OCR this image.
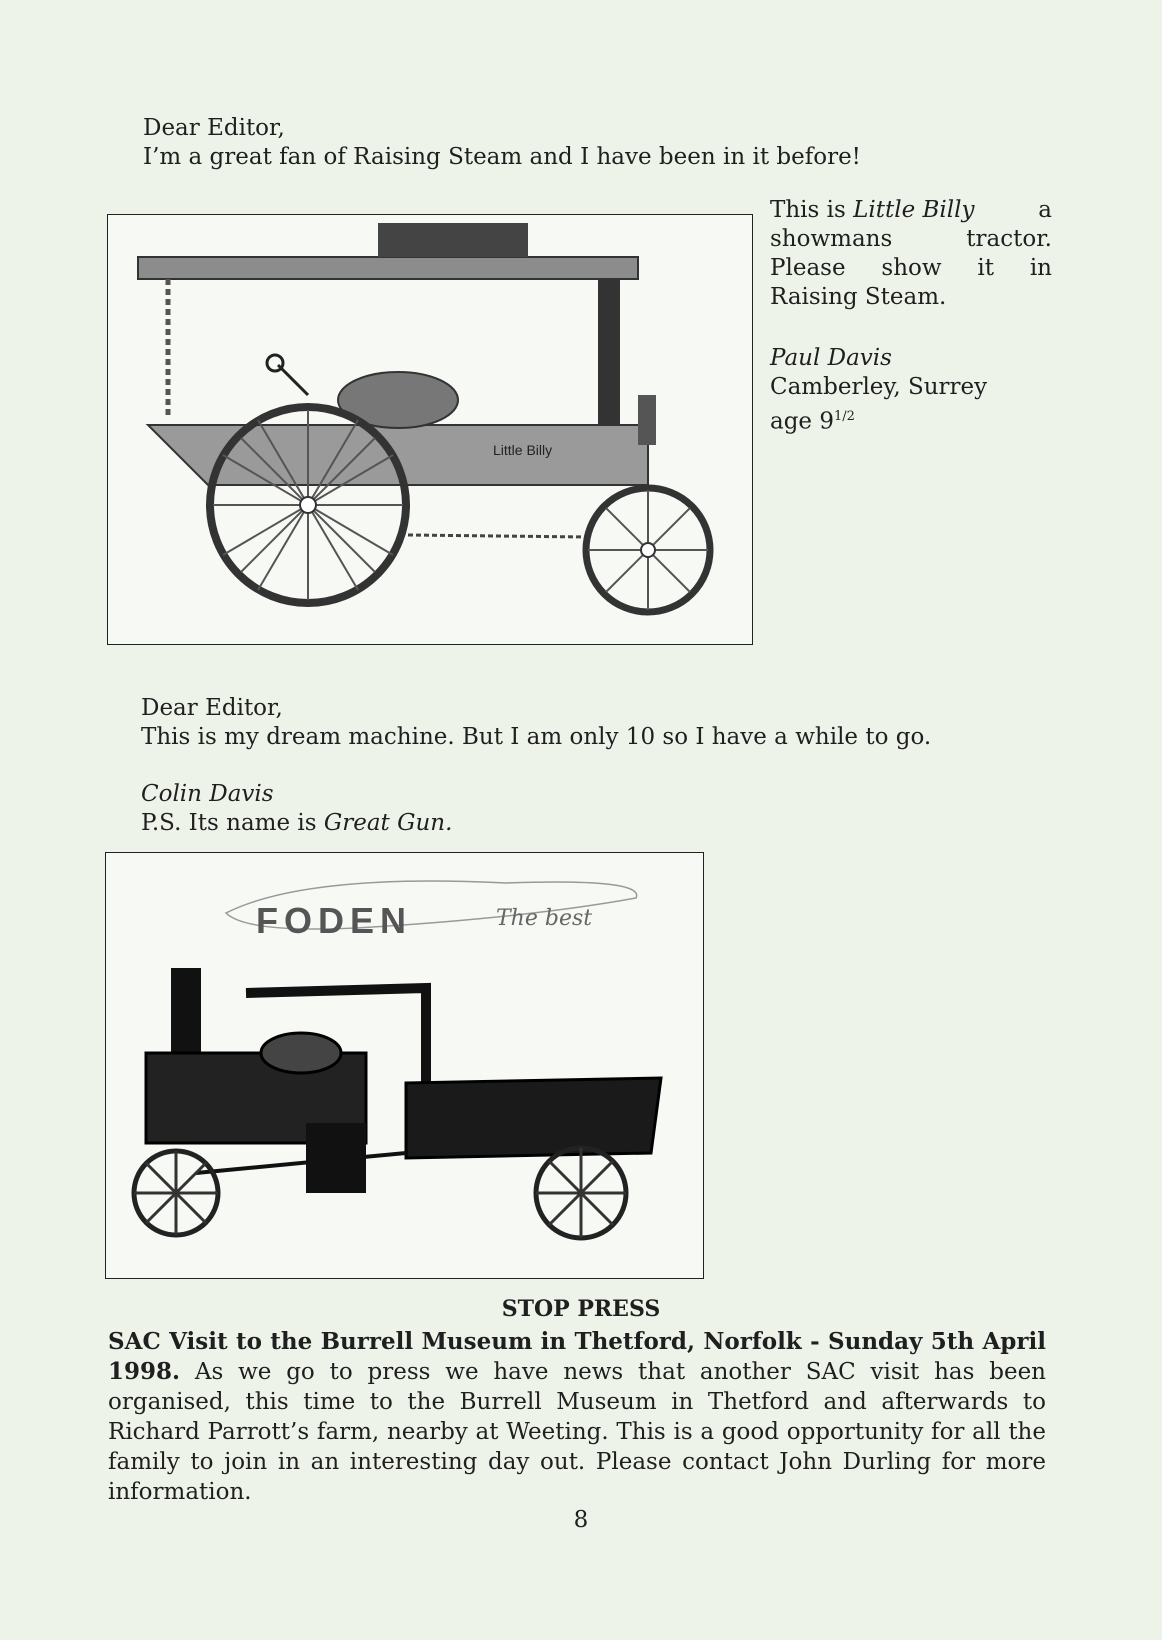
Dear Editor,

I’m a great fan of Raising Steam and I have been in it before!

Little Billy
This is Little Billy	a
showmans	tractor.
Please show it in
Raising Steam.

Paul Davis

Camberley, Surrey

age $9^{1/2}$

Dear Editor,

This is my dream machine. But I am only 10 so I have a while to go.

Colin Davis

P.S. Its name is Great Gun.

FODEN	The best

STOP PRESS

SAC Visit to the Burrell Museum in Thetford, Norfolk - Sunday 5th April 1998. As we go to press we have news that another SAC visit has been organised, this time to the Burrell Museum in Thetford and afterwards to Richard Parrott’s farm, nearby at Weeting. This is a good opportunity for all the family to join in an interesting day out. Please contact John Durling for more information.

8
